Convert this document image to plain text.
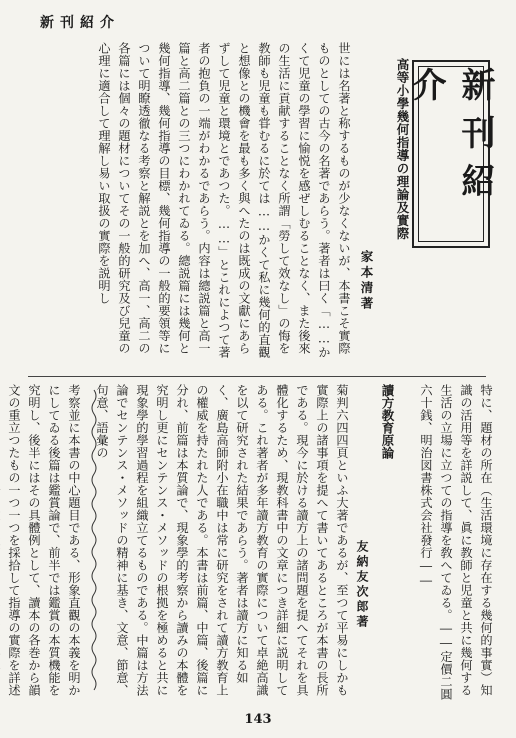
新刊紹介
新刊紹介
高等小學幾何指導の理論及實際
家本清著
世には名著と称するものが少なくないが、本書こそ實際ものとしての古今の名著であらう。著者は曰く「……かくて児童の學習に愉悦を感ぜしむることなく、また後來の生活に貢献することなく所謂「勞して效なし」の悔を教師も児童も甞むるに於ては……かくて私に幾何的直觀と想像との機會を最も多く與へたのは既成の文獻にあらずして児童と環境とであつた。……」とこれによつて著者の抱負の一端がわかるであらう。内容は總説篇と高一篇と高二篇との三つにわかれてゐる。總説篇には幾何と幾何指導、幾何指導の目標、幾何指導の一般的要領等について明瞭透徹なる考察と解説とを加へ、高一、高二の各篇には個々の題材についてその一般的研究及び兒童の心理に適合して理解し易い取扱の實際を説明し
特に、題材の所在（生活環境に存在する幾何的事實）知識の活用等を詳説して、眞に教師と児童と共に幾何する生活の立場に立つての指導を敎へてゐる。――定價二圓六十銭、明治図書株式会社發行――
讀方教育原論
友納友次郎著
菊判六四四頁といふ大著であるが、至つて平易にしかも實際上の諸事項を提へて書いてあるところが本書の長所である。現今に於ける讀方上の諸問題を提へてそれを具體化するため、現教科書中の文章につき詳細に説明してある。これ著者が多年讀方教育の實際について卓絶高識を以て研究された結果であらう。著者は讀方に知る如く、廣島高師附小在職中は常に研究をされて讀方教育上の權威を持たれた人である。本書は前篇、中篇、後篇に分れ、前篇は本質論で、現象學的考察から讀みの本體を究明し更にセンテンス・メソッドの根拠を極めると共に現象學的學習過程を組織立てるものである。中篇は方法論でセンテンス・メソッドの精神に基き、文意、節意、句意、語彙の
考察並に本書の中心題目である、形象直觀の本義を明かにしてゐる後篇は鑑賞論で、前半では鑑賞の本質機能を究明し、後半にはその具體例として、讀本の各巻から韻文の重立つたもの一つ一つを採拾して指導の實際を詳述　　　　　　　　　　　
143
